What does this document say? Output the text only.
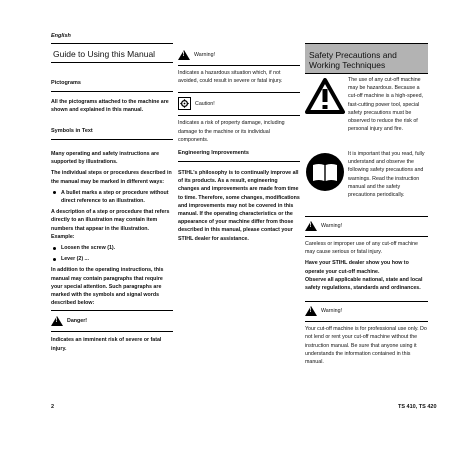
English
Guide to Using this Manual
Pictograms
All the pictograms attached to the machine are shown and explained in this manual.
Symbols in Text
Many operating and safety instructions are supported by illustrations.
The individual steps or procedures described in the manual may be marked in different ways:
A bullet marks a step or procedure without direct reference to an illustration.
A description of a step or procedure that refers directly to an illustration may contain item numbers that appear in the illustration. Example:
Loosen the screw (1).
Lever (2) ...
In addition to the operating instructions, this manual may contain paragraphs that require your special attention. Such paragraphs are marked with the symbols and signal words described below:
!
Danger!
Indicates an imminent risk of severe or fatal injury.
!
Warning!
Indicates a hazardous situation which, if not avoided, could result in severe or fatal injury.
Caution!
Indicates a risk of property damage, including damage to the machine or its individual components.
Engineering Improvements
STIHL's philosophy is to continually improve all of its products. As a result, engineering changes and improvements are made from time to time. Therefore, some changes, modifications and improvements may not be covered in this manual. If the operating characteristics or the appearance of your machine differ from those described in this manual, please contact your STIHL dealer for assistance.
Safety Precautions and
Working Techniques
The use of any cut-off machine may be hazardous. Because a cut-off machine is a high-speed, fast-cutting power tool, special safety precautions must be observed to reduce the risk of personal injury and fire.
It is important that you read, fully understand and observe the following safety precautions and warnings. Read the instruction manual and the safety precautions periodically.
!
Warning!
Careless or improper use of any cut-off machine may cause serious or fatal injury.
Have your STIHL dealer show you how to operate your cut-off machine.
Observe all applicable national, state and local safety regulations, standards and ordinances.
!
Warning!
Your cut-off machine is for professional use only. Do not lend or rent your cut-off machine without the instruction manual. Be sure that anyone using it understands the information contained in this manual.
2	TS 410, TS 420
